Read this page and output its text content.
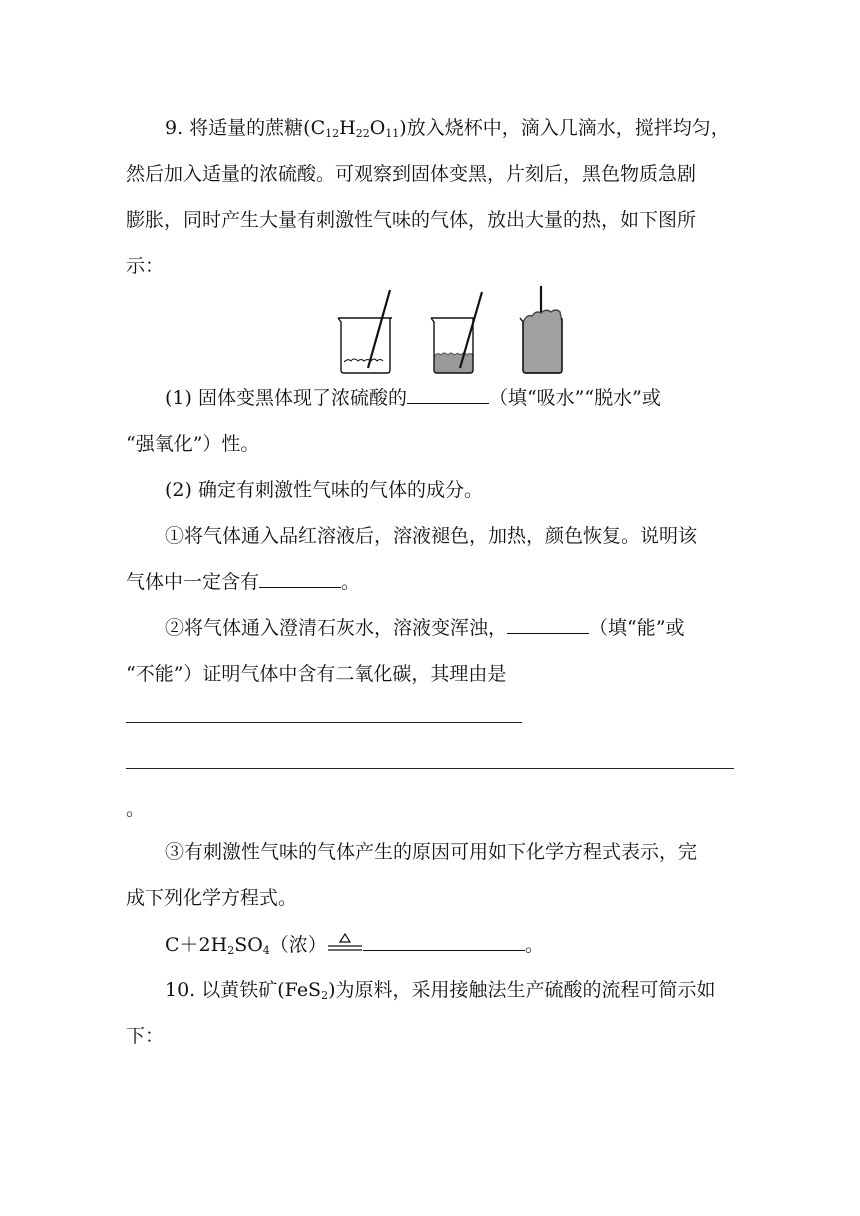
9. 将适量的蔗糖$(C_{12}H_{22}O_{11})$放入烧杯中，滴入几滴水，搅拌均匀，
然后加入适量的浓硫酸。可观察到固体变黑，片刻后，黑色物质急剧
膨胀，同时产生大量有刺激性气味的气体，放出大量的热，如下图所
示：
(1) 固体变黑体现了浓硫酸的	（填“吸水”“脱水”或
“强氧化”）性。
(2) 确定有刺激性气味的气体的成分。
①将气体通入品红溶液后，溶液褪色，加热，颜色恢复。说明该
气体中一定含有	。
②将气体通入澄清石灰水，溶液变浑浊，	（填“能”或
“不能”）证明气体中含有二氧化碳，其理由是
。
③有刺激性气味的气体产生的原因可用如下化学方程式表示，完
成下列化学方程式。
$C+2H_2SO_4$（浓）	。
10. 以黄铁矿(FeS$_2$)为原料，采用接触法生产硫酸的流程可简示如
下：
